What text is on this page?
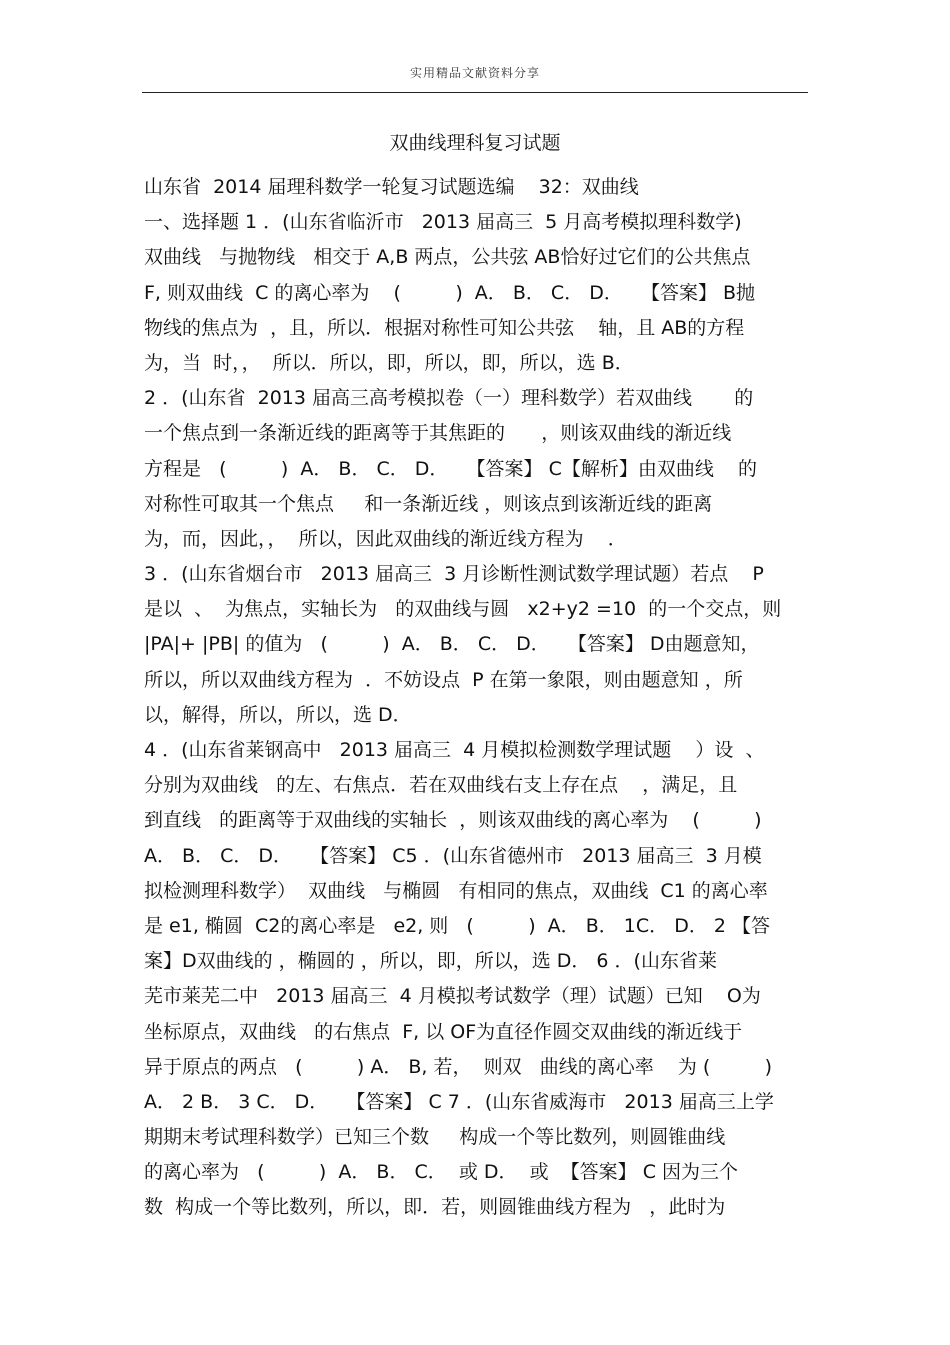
实用精品文献资料分享
双曲线理科复习试题
山东省  2014 届理科数学一轮复习试题选编    32：双曲线
一、选择题 1 ．(山东省临沂市   2013 届高三  5 月高考模拟理科数学)
双曲线   与抛物线   相交于 A,B 两点，公共弦 AB恰好过它们的公共焦点
F, 则双曲线  C 的离心率为    (         )  A． B． C． D．   【答案】 B抛
物线的焦点为  ，且，所以．根据对称性可知公共弦    轴，且 AB的方程
为，当  时，，  所以．所以，即，所以，即，所以，选 B．
2 ．(山东省  2013 届高三高考模拟卷（一）理科数学）若双曲线       的
一个焦点到一条渐近线的距离等于其焦距的      ，则该双曲线的渐近线
方程是   (         )  A． B． C． D．   【答案】 C【解析】由双曲线    的
对称性可取其一个焦点     和一条渐近线 ，则该点到该渐近线的距离
为，而，因此，，  所以，因此双曲线的渐近线方程为    ．
3 ．(山东省烟台市   2013 届高三  3 月诊断性测试数学理试题）若点    P
是以  、  为焦点，实轴长为   的双曲线与圆   x2+y2 =10  的一个交点，则
|PA|+ |PB| 的值为   (         )  A． B． C． D．   【答案】 D由题意知，
所以，所以双曲线方程为  ．不妨设点  P 在第一象限，则由题意知 ，所
以，解得，所以，所以，选 D．
4 ．(山东省莱钢高中   2013 届高三  4 月模拟检测数学理试题    ）设  、
分别为双曲线   的左、右焦点．若在双曲线右支上存在点    ，满足，且
到直线   的距离等于双曲线的实轴长  ，则该双曲线的离心率为    (         )
A． B． C． D．   【答案】 C5 ．(山东省德州市   2013 届高三  3 月模
拟检测理科数学）  双曲线   与椭圆   有相同的焦点，双曲线  C1 的离心率
是 e1, 椭圆  C2的离心率是   e2, 则   (         )  A． B． 1C． D． 2 【答
案】D双曲线的 ，椭圆的 ，所以，即，所以，选 D． 6 ．(山东省莱
芜市莱芜二中   2013 届高三  4 月模拟考试数学（理）试题）已知    O为
坐标原点，双曲线   的右焦点  F, 以 OF为直径作圆交双曲线的渐近线于
异于原点的两点   (         ) A． B, 若，  则双   曲线的离心率    为 (         )
A． 2 B． 3 C． D．   【答案】 C 7 ．(山东省威海市   2013 届高三上学
期期末考试理科数学）已知三个数     构成一个等比数列，则圆锥曲线
的离心率为   (         )  A． B． C．  或 D．  或  【答案】 C 因为三个
数  构成一个等比数列，所以，即．若，则圆锥曲线方程为   ，此时为
